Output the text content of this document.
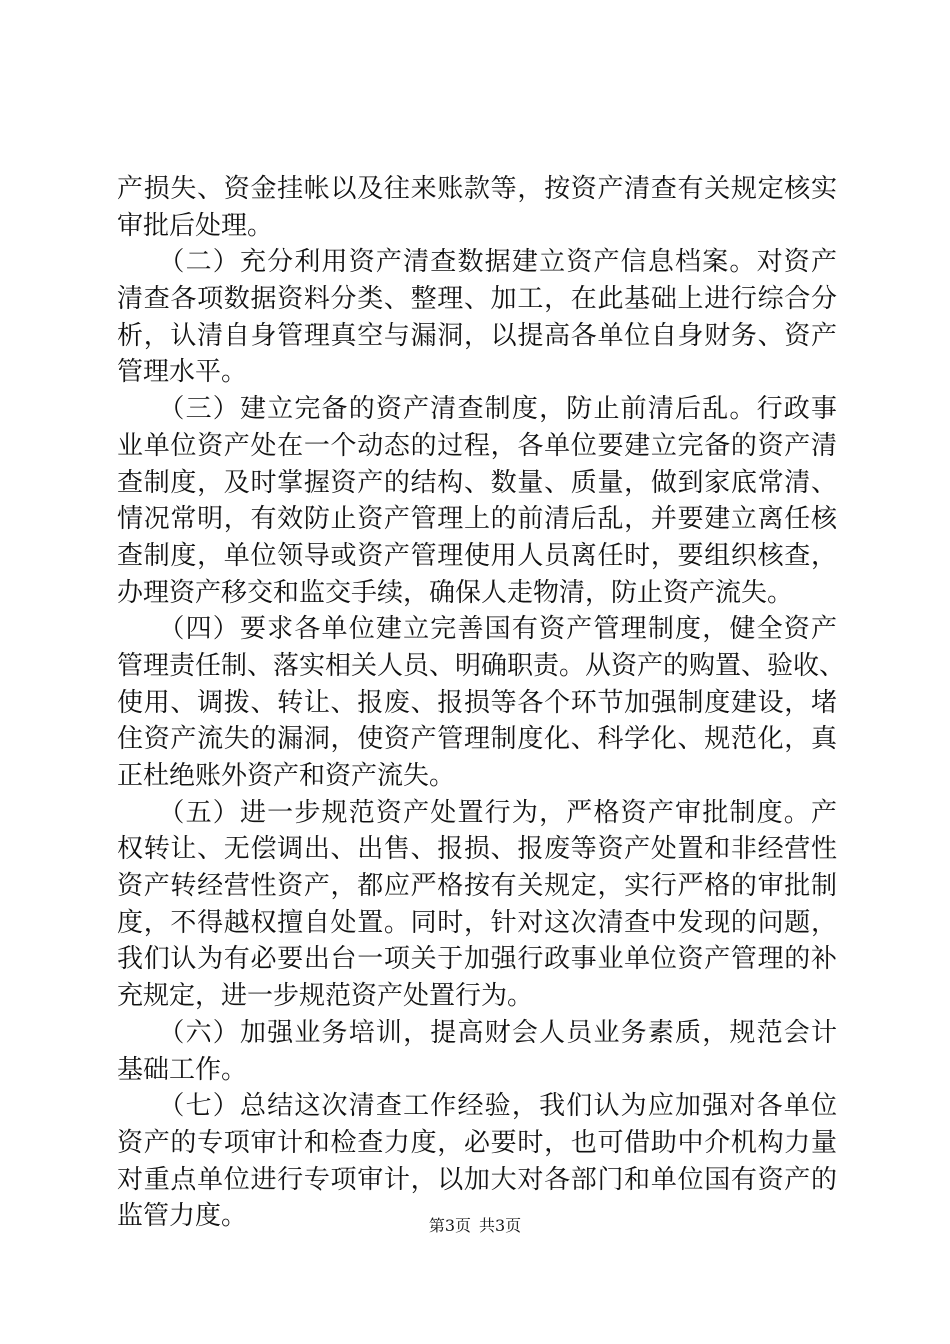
产损失、资金挂帐以及往来账款等，按资产清查有关规定核实
审批后处理。
　　（二）充分利用资产清查数据建立资产信息档案。对资产
清查各项数据资料分类、整理、加工，在此基础上进行综合分
析，认清自身管理真空与漏洞，以提高各单位自身财务、资产
管理水平。
　　（三）建立完备的资产清查制度，防止前清后乱。行政事
业单位资产处在一个动态的过程，各单位要建立完备的资产清
查制度，及时掌握资产的结构、数量、质量，做到家底常清、
情况常明，有效防止资产管理上的前清后乱，并要建立离任核
查制度，单位领导或资产管理使用人员离任时，要组织核查，
办理资产移交和监交手续，确保人走物清，防止资产流失。
　　（四）要求各单位建立完善国有资产管理制度，健全资产
管理责任制、落实相关人员、明确职责。从资产的购置、验收、
使用、调拨、转让、报废、报损等各个环节加强制度建设，堵
住资产流失的漏洞，使资产管理制度化、科学化、规范化，真
正杜绝账外资产和资产流失。
　　（五）进一步规范资产处置行为，严格资产审批制度。产
权转让、无偿调出、出售、报损、报废等资产处置和非经营性
资产转经营性资产，都应严格按有关规定，实行严格的审批制
度，不得越权擅自处置。同时，针对这次清查中发现的问题，
我们认为有必要出台一项关于加强行政事业单位资产管理的补
充规定，进一步规范资产处置行为。
　　（六）加强业务培训，提高财会人员业务素质，规范会计
基础工作。
　　（七）总结这次清查工作经验，我们认为应加强对各单位
资产的专项审计和检查力度，必要时，也可借助中介机构力量
对重点单位进行专项审计，以加大对各部门和单位国有资产的
监管力度。	第3页 共3页
